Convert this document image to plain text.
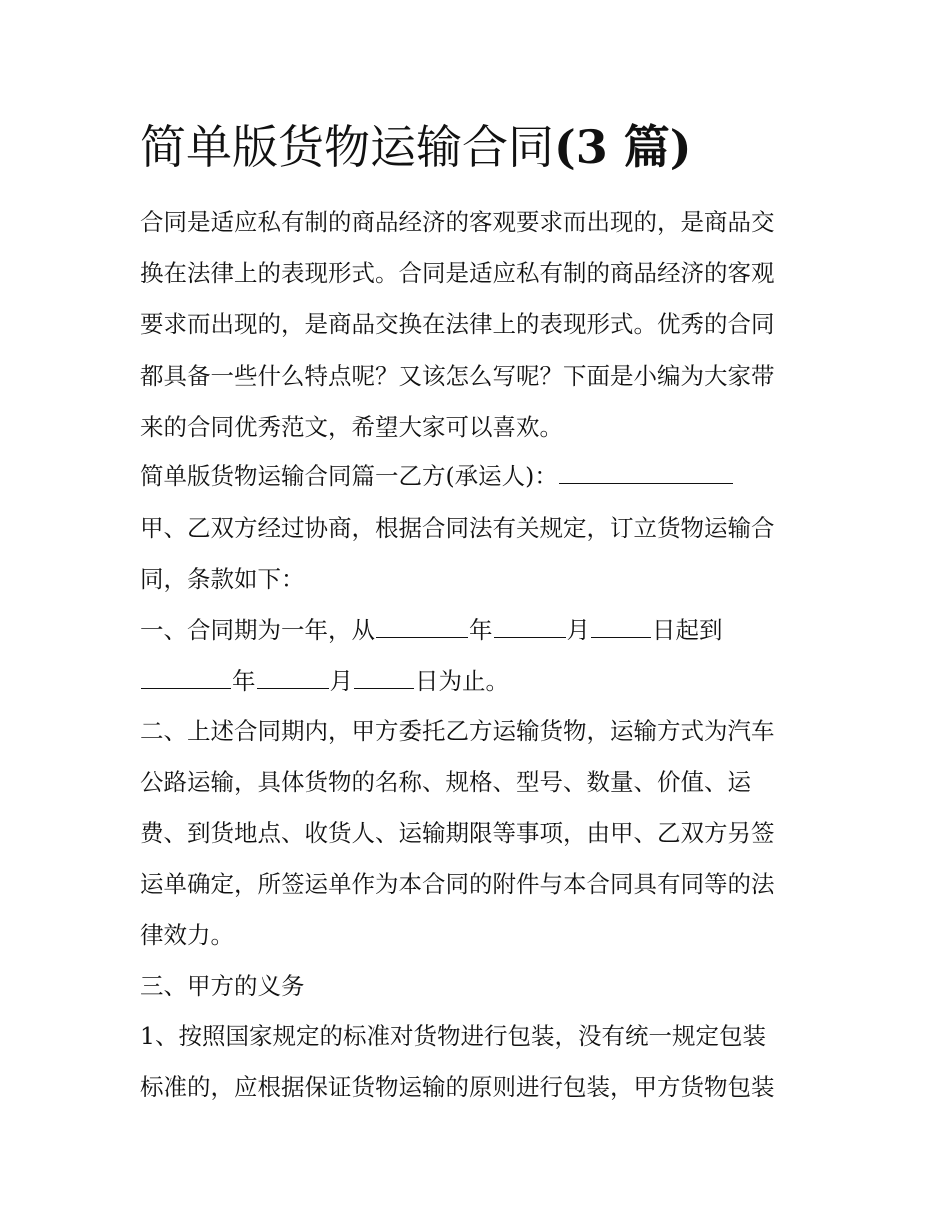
简单版货物运输合同(3 篇)
合同是适应私有制的商品经济的客观要求而出现的，是商品交
换在法律上的表现形式。合同是适应私有制的商品经济的客观
要求而出现的，是商品交换在法律上的表现形式。优秀的合同
都具备一些什么特点呢？又该怎么写呢？下面是小编为大家带
来的合同优秀范文，希望大家可以喜欢。
简单版货物运输合同篇一乙方(承运人)：
甲、乙双方经过协商，根据合同法有关规定，订立货物运输合
同，条款如下：
一、合同期为一年，从	年	月	日起到
年	月	日为止。
二、上述合同期内，甲方委托乙方运输货物，运输方式为汽车
公路运输，具体货物的名称、规格、型号、数量、价值、运
费、到货地点、收货人、运输期限等事项，由甲、乙双方另签
运单确定，所签运单作为本合同的附件与本合同具有同等的法
律效力。
三、甲方的义务
1、按照国家规定的标准对货物进行包装，没有统一规定包装
标准的，应根据保证货物运输的原则进行包装，甲方货物包装
